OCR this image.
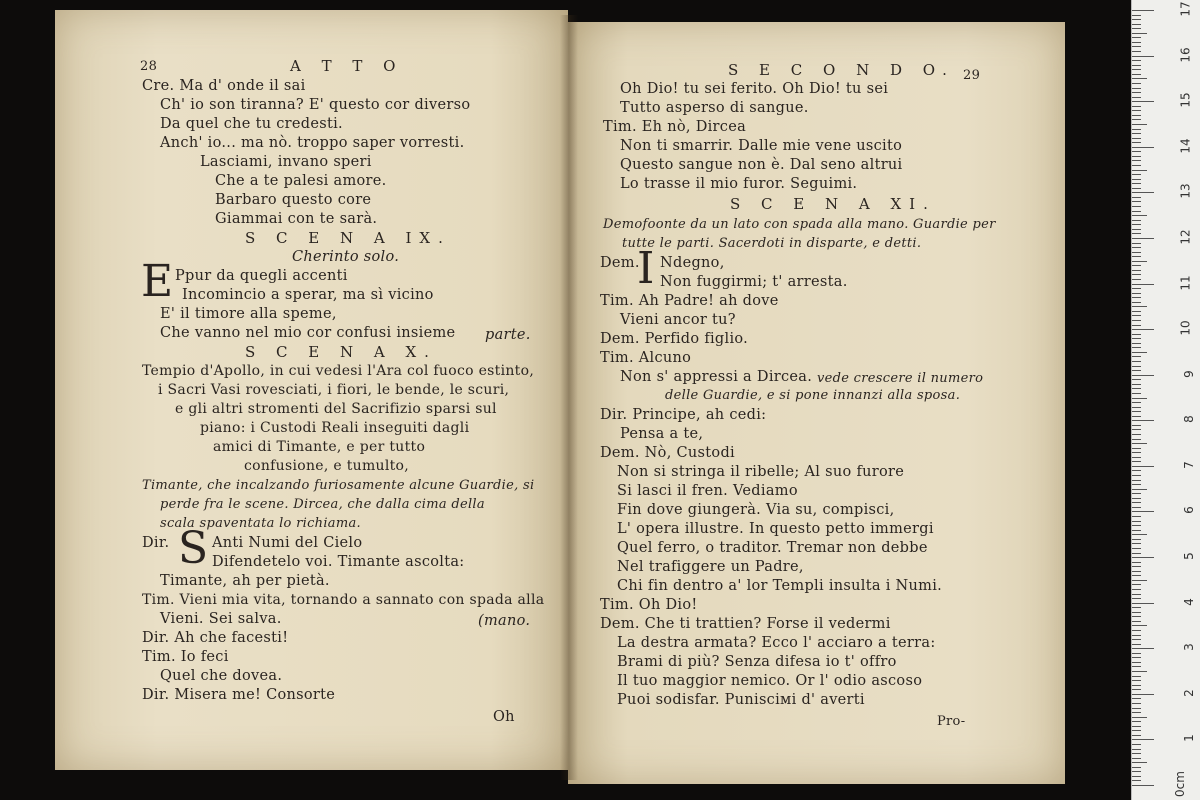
28	A T T O
Cre. Ma d' onde il sai
Ch' io son tiranna? E' questo cor diverso
Da quel che tu credesti.
Anch' io... ma nò. troppo saper vorresti.
Lasciami, invano speri
Che a te palesi amore.
Barbaro questo core
Giammai con te sarà.
S C E N A IX.
Cherinto solo.
E Ppur da quegli accenti
Incomincio a sperar, ma sì vicino
E' il timore alla speme,
Che vanno nel mio cor confusi insieme parte.
S C E N A X.
Tempio d'Apollo, in cui vedesi l'Ara col fuoco estinto,
i Sacri Vasi rovesciati, i fiori, le bende, le scuri,
e gli altri stromenti del Sacrifizio sparsi sul
piano: i Custodi Reali inseguiti dagli
amici di Timante, e per tutto
confusione, e tumulto,
Timante, che incalzando furiosamente alcune Guardie, si
perde fra le scene. Dircea, che dalla cima della
scala spaventata lo richiama.
Dir. S Anti Numi del Cielo
Difendetelo voi. Timante ascolta:
Timante, ah per pietà.
Tim. Vieni mia vita, tornando a sannato con spada alla
Vieni. Sei salva.	(mano.
Dir. Ah che facesti!
Tim. Io feci
Quel che dovea.
Dir. Misera me! Consorte
Oh
S E C O N D O. 29
Oh Dio! tu sei ferito. Oh Dio! tu sei
Tutto asperso di sangue.
Tim. Eh nò, Dircea
Non ti smarrir. Dalle mie vene uscito
Questo sangue non è. Dal seno altrui
Lo trasse il mio furor. Seguimi.
S C E N A XI.
Demofoonte da un lato con spada alla mano. Guardie per
tutte le parti. Sacerdoti in disparte, e detti.
Dem.
I Ndegno,
Non fuggirmi; t' arresta.
Tim. Ah Padre! ah dove
Vieni ancor tu?
Dem. Perfido figlio.
Tim. Alcuno
Non s' appressi a Dircea. vede crescere il numero
delle Guardie, e si pone innanzi alla sposa.
Dir. Principe, ah cedi:
Pensa a te,
Dem. Nò, Custodi
Non si stringa il ribelle; Al suo furore
Si lasci il fren. Vediamo
Fin dove giungerà. Via su, compisci,
L' opera illustre. In questo petto immergi
Quel ferro, o traditor. Tremar non debbe
Nel trafiggere un Padre,
Chi fin dentro a' lor Templi insulta i Numi.
Tim. Oh Dio!
Dem. Che ti trattien? Forse il vedermi
La destra armata? Ecco l' acciaro a terra:
Brami di più? Senza difesa io t' offro
Il tuo maggior nemico. Or l' odio ascoso
Puoi sodisfar. Punisciмi d' averti
Pro-
17
16
15
14
13
12
11
10
9
8
7
6
5
4
3
2
1
0cm
